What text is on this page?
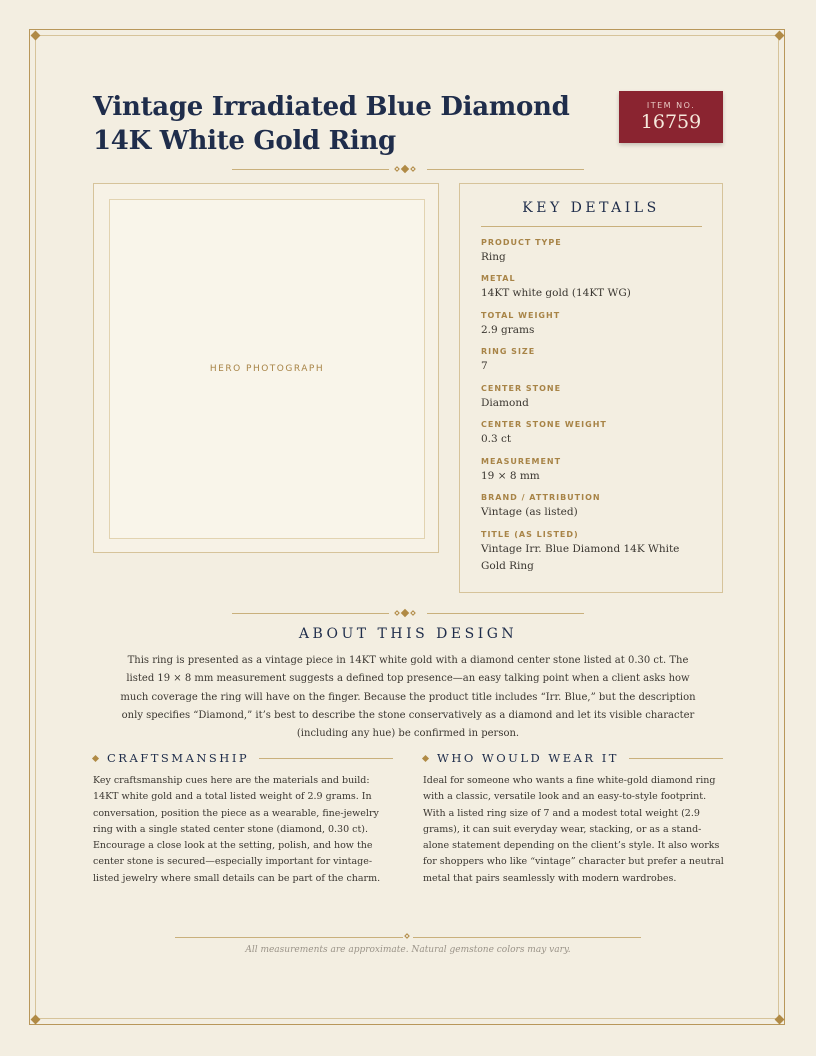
Vintage Irradiated Blue Diamond 14K White Gold Ring
ITEM NO.
16759
HERO PHOTOGRAPH
KEY DETAILS
PRODUCT TYPE
Ring
METAL
14KT white gold (14KT WG)
TOTAL WEIGHT
2.9 grams
RING SIZE
7
CENTER STONE
Diamond
CENTER STONE WEIGHT
0.3 ct
MEASUREMENT
19 × 8 mm
BRAND / ATTRIBUTION
Vintage (as listed)
TITLE (AS LISTED)
Vintage Irr. Blue Diamond 14K White Gold Ring
ABOUT THIS DESIGN

This ring is presented as a vintage piece in 14KT white gold with a diamond center stone listed at 0.30 ct. The listed 19 × 8 mm measurement suggests a defined top presence—an easy talking point when a client asks how much coverage the ring will have on the finger. Because the product title includes “Irr. Blue,” but the description only specifies “Diamond,” it’s best to describe the stone conservatively as a diamond and let its visible character (including any hue) be confirmed in person.

CRAFTSMANSHIP

Key craftsmanship cues here are the materials and build: 14KT white gold and a total listed weight of 2.9 grams. In conversation, position the piece as a wearable, fine-jewelry ring with a single stated center stone (diamond, 0.30 ct). Encourage a close look at the setting, polish, and how the center stone is secured—especially important for vintage-listed jewelry where small details can be part of the charm.

WHO WOULD WEAR IT

Ideal for someone who wants a fine white-gold diamond ring with a classic, versatile look and an easy-to-style footprint. With a listed ring size of 7 and a modest total weight (2.9 grams), it can suit everyday wear, stacking, or as a stand-alone statement depending on the client’s style. It also works for shoppers who like “vintage” character but prefer a neutral metal that pairs seamlessly with modern wardrobes.

All measurements are approximate. Natural gemstone colors may vary.
